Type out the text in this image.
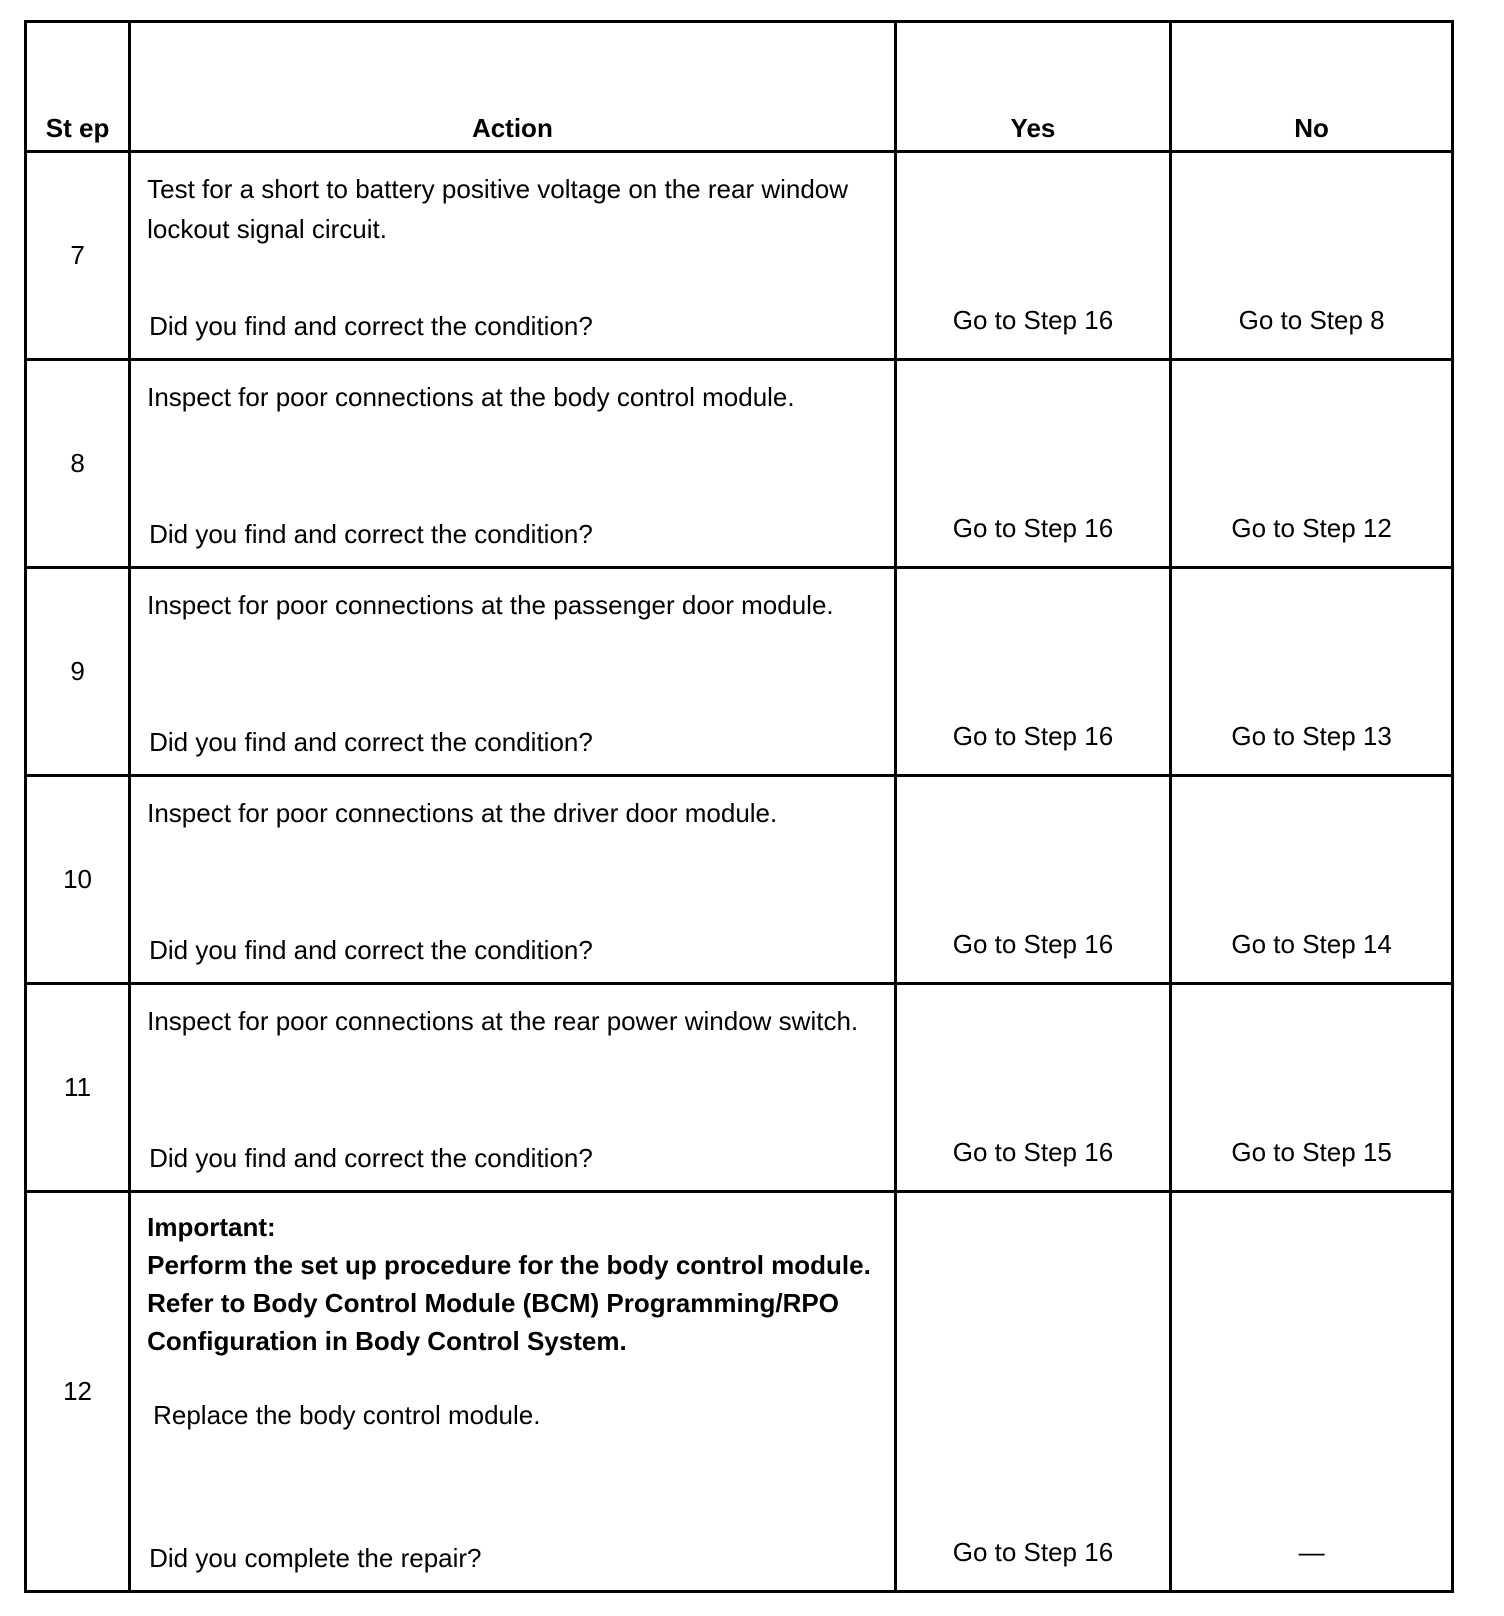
St ep	Action	Yes	No
7	Test for a short to battery positive voltage on the rear window lockout signal circuit.
Did you find and correct the condition?	Go to Step 16	Go to Step 8
8	Inspect for poor connections at the body control module.
Did you find and correct the condition?	Go to Step 16	Go to Step 12
9	Inspect for poor connections at the passenger door module.
Did you find and correct the condition?	Go to Step 16	Go to Step 13
10	Inspect for poor connections at the driver door module.
Did you find and correct the condition?	Go to Step 16	Go to Step 14
11	Inspect for poor connections at the rear power window switch.
Did you find and correct the condition?	Go to Step 16	Go to Step 15
12	Important:
Perform the set up procedure for the body control module. Refer to Body Control Module (BCM) Programming/RPO Configuration in Body Control System.
Replace the body control module.
Did you complete the repair?	Go to Step 16	—
